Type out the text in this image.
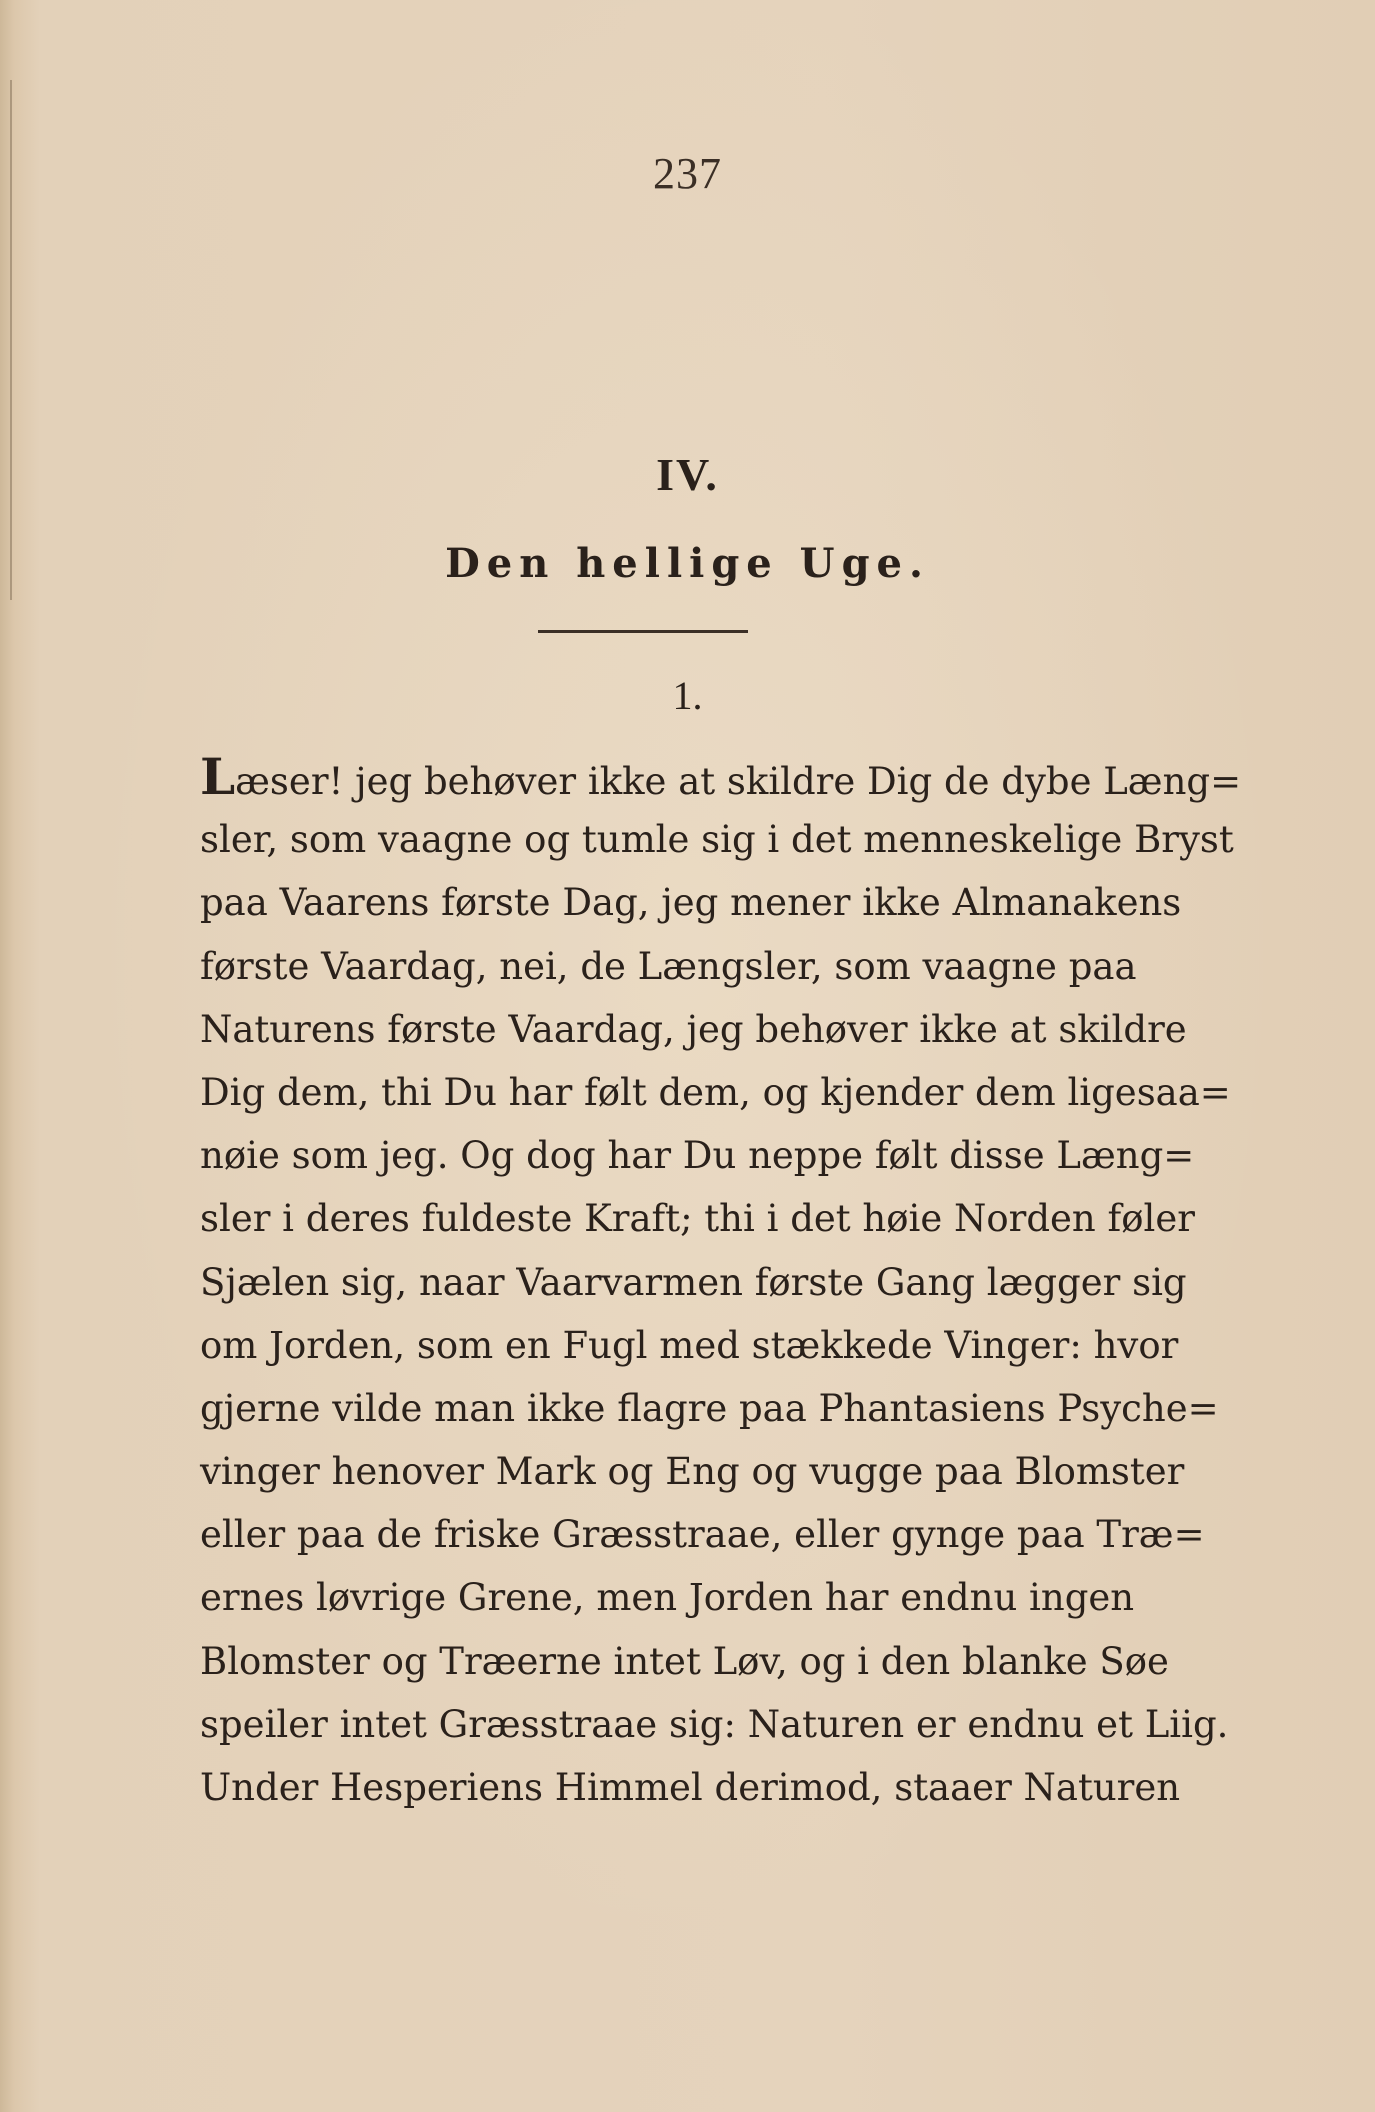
237
IV.
Den hellige Uge.
1.
Læser! jeg behøver ikke at skildre Dig de dybe Læng=
sler, som vaagne og tumle sig i det menneskelige Bryst
paa Vaarens første Dag, jeg mener ikke Almanakens
første Vaardag, nei, de Længsler, som vaagne paa
Naturens første Vaardag, jeg behøver ikke at skildre
Dig dem, thi Du har følt dem, og kjender dem ligesaa=
nøie som jeg. Og dog har Du neppe følt disse Læng=
sler i deres fuldeste Kraft; thi i det høie Norden føler
Sjælen sig, naar Vaarvarmen første Gang lægger sig
om Jorden, som en Fugl med stækkede Vinger: hvor
gjerne vilde man ikke flagre paa Phantasiens Psyche=
vinger henover Mark og Eng og vugge paa Blomster
eller paa de friske Græsstraae, eller gynge paa Træ=
ernes løvrige Grene, men Jorden har endnu ingen
Blomster og Træerne intet Løv, og i den blanke Søe
speiler intet Græsstraae sig: Naturen er endnu et Liig.
Under Hesperiens Himmel derimod, staaer Naturen
